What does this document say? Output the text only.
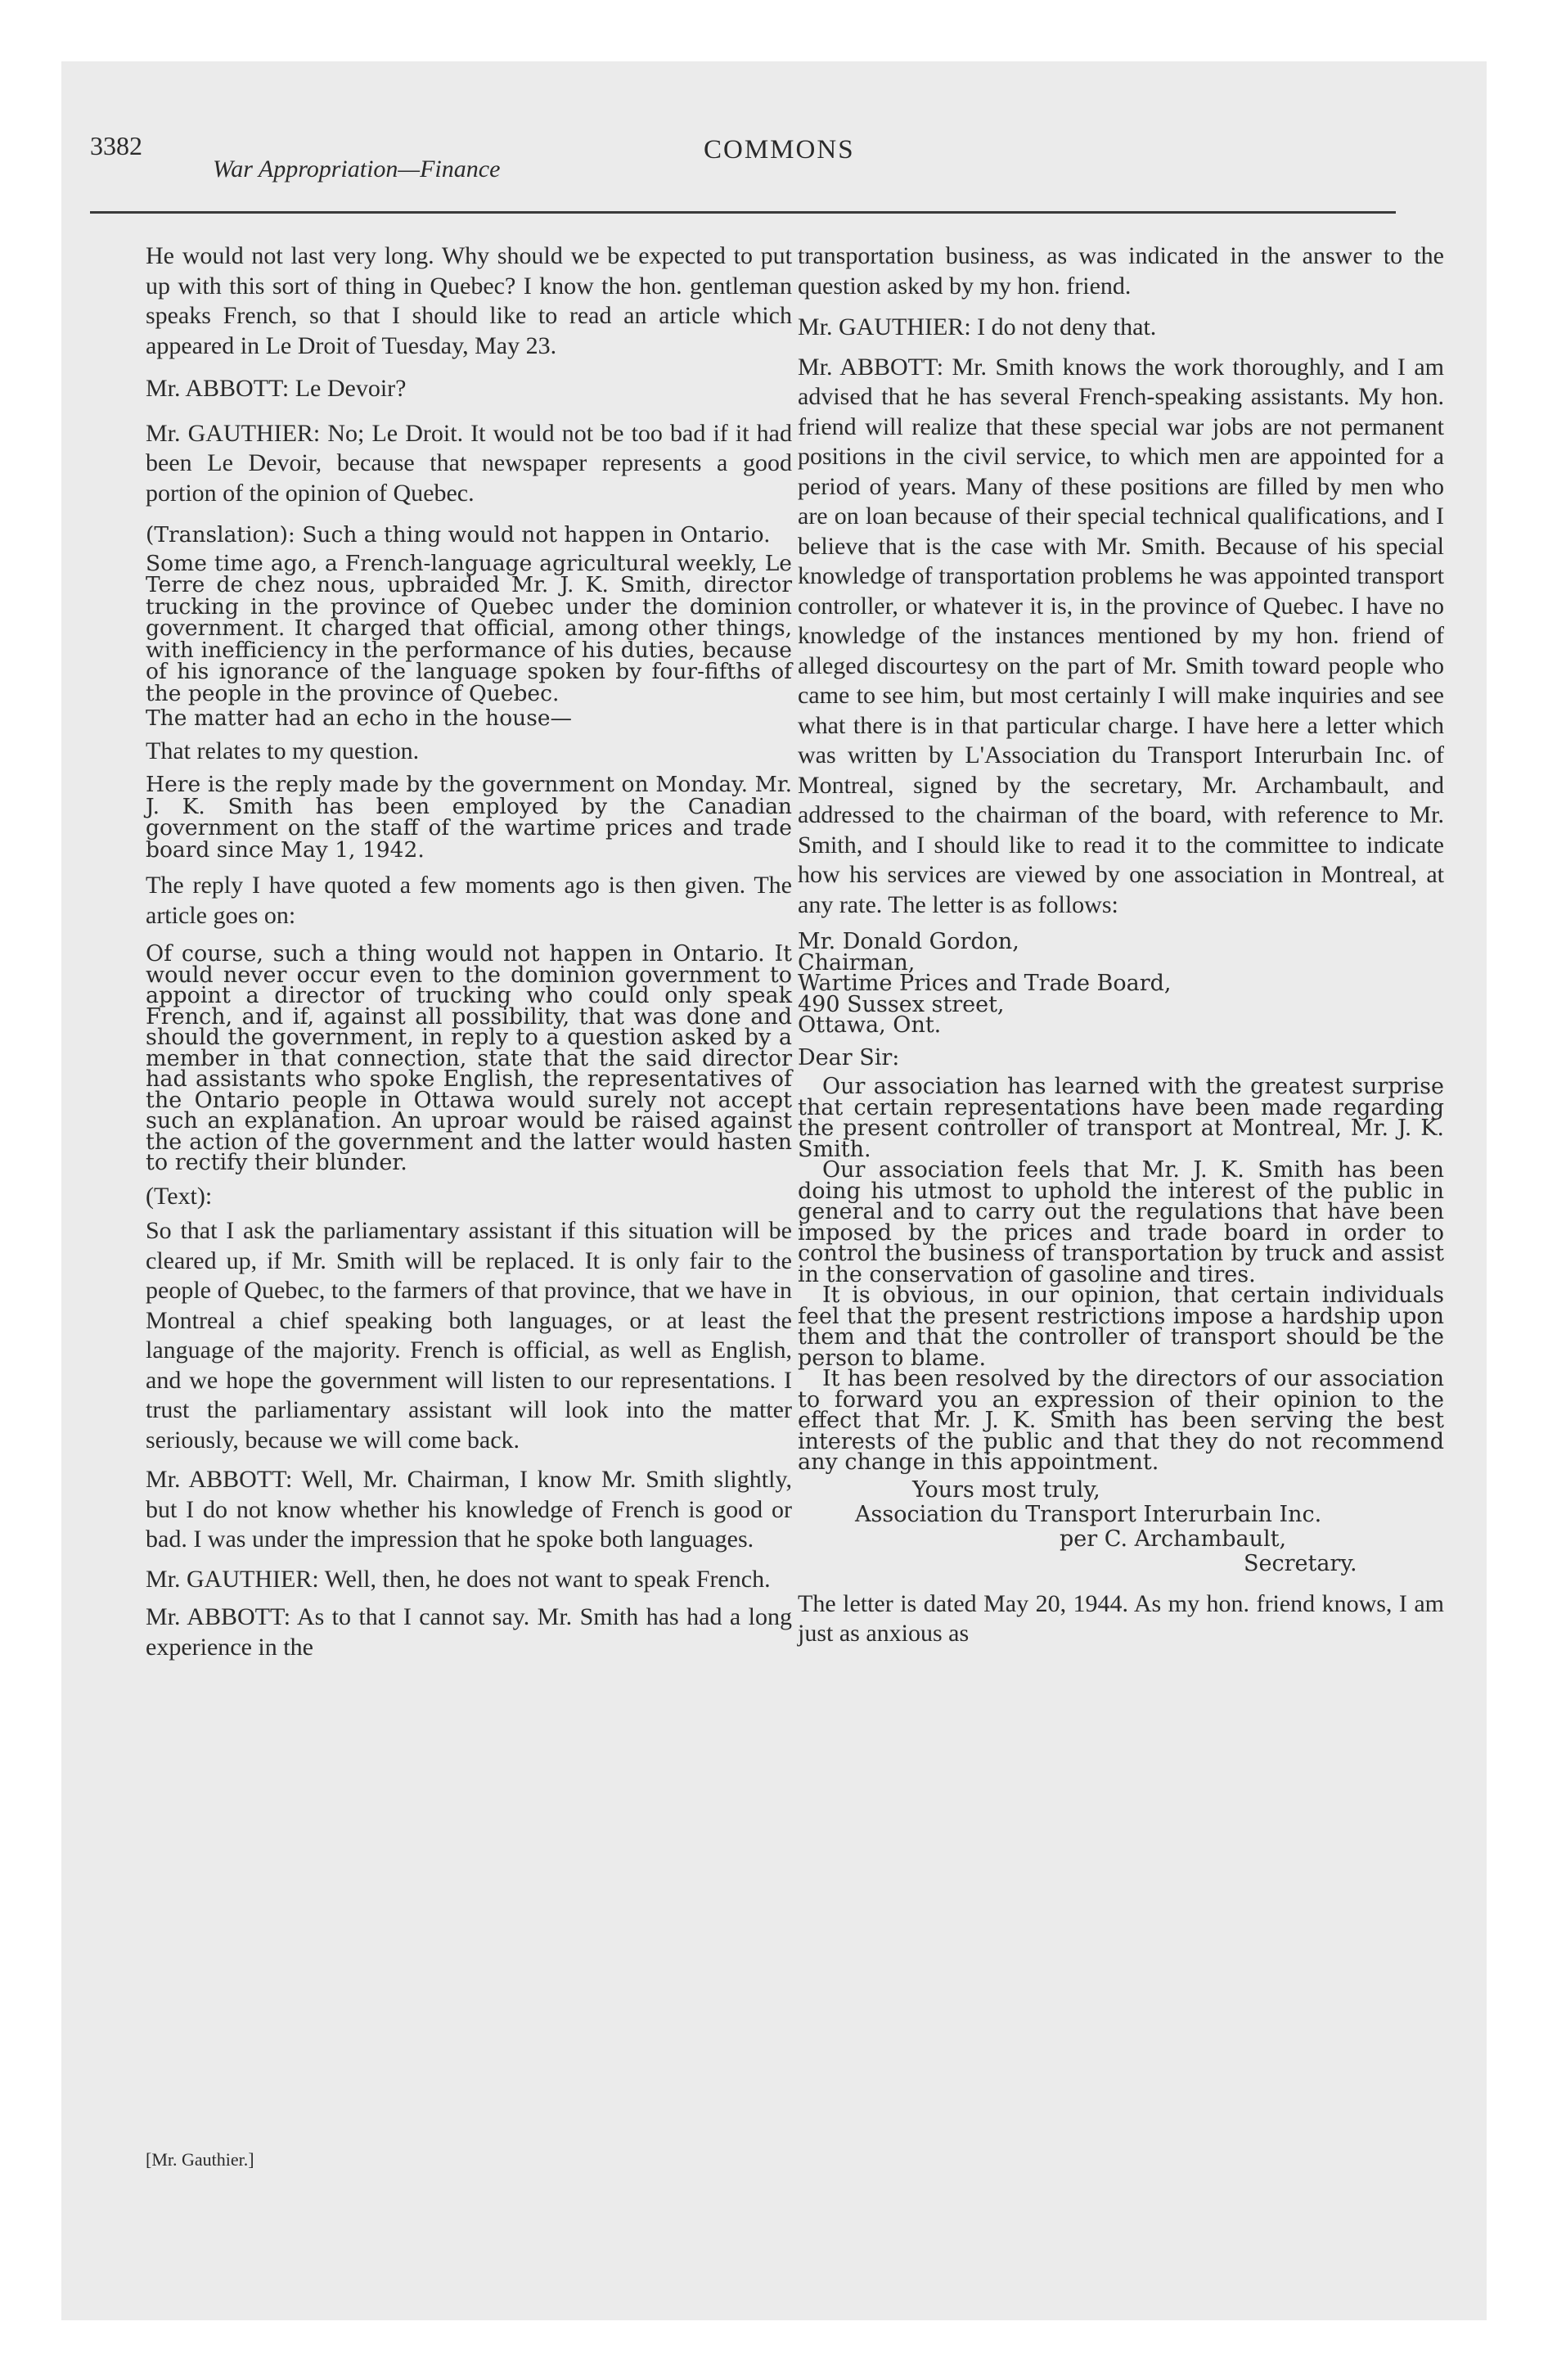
3382
War Appropriation—Finance
COMMONS

He would not last very long. Why should we be expected to put up with this sort of thing in Quebec? I know the hon. gentleman speaks French, so that I should like to read an article which appeared in Le Droit of Tuesday, May 23.

Mr. ABBOTT: Le Devoir?

Mr. GAUTHIER: No; Le Droit. It would not be too bad if it had been Le Devoir, because that newspaper represents a good portion of the opinion of Quebec.

(Translation): Such a thing would not happen in Ontario.

Some time ago, a French-language agricultural weekly, Le Terre de chez nous, upbraided Mr. J. K. Smith, director trucking in the province of Quebec under the dominion government. It charged that official, among other things, with inefficiency in the performance of his duties, because of his ignorance of the language spoken by four-fifths of the people in the province of Quebec.

The matter had an echo in the house—

That relates to my question.

Here is the reply made by the government on Monday. Mr. J. K. Smith has been employed by the Canadian government on the staff of the wartime prices and trade board since May 1, 1942.

The reply I have quoted a few moments ago is then given. The article goes on:

Of course, such a thing would not happen in Ontario. It would never occur even to the dominion government to appoint a director of trucking who could only speak French, and if, against all possibility, that was done and should the government, in reply to a question asked by a member in that connection, state that the said director had assistants who spoke English, the representatives of the Ontario people in Ottawa would surely not accept such an explanation. An uproar would be raised against the action of the government and the latter would hasten to rectify their blunder.

(Text):

So that I ask the parliamentary assistant if this situation will be cleared up, if Mr. Smith will be replaced. It is only fair to the people of Quebec, to the farmers of that province, that we have in Montreal a chief speaking both languages, or at least the language of the majority. French is official, as well as English, and we hope the government will listen to our representations. I trust the parliamentary assistant will look into the matter seriously, because we will come back.

Mr. ABBOTT: Well, Mr. Chairman, I know Mr. Smith slightly, but I do not know whether his knowledge of French is good or bad. I was under the impression that he spoke both languages.

Mr. GAUTHIER: Well, then, he does not want to speak French.

Mr. ABBOTT: As to that I cannot say. Mr. Smith has had a long experience in the

[Mr. Gauthier.]

transportation business, as was indicated in the answer to the question asked by my hon. friend.

Mr. GAUTHIER: I do not deny that.

Mr. ABBOTT: Mr. Smith knows the work thoroughly, and I am advised that he has several French-speaking assistants. My hon. friend will realize that these special war jobs are not permanent positions in the civil service, to which men are appointed for a period of years. Many of these positions are filled by men who are on loan because of their special technical qualifications, and I believe that is the case with Mr. Smith. Because of his special knowledge of transportation problems he was appointed transport controller, or whatever it is, in the province of Quebec. I have no knowledge of the instances mentioned by my hon. friend of alleged discourtesy on the part of Mr. Smith toward people who came to see him, but most certainly I will make inquiries and see what there is in that particular charge. I have here a letter which was written by L'Association du Transport Interurbain Inc. of Montreal, signed by the secretary, Mr. Archambault, and addressed to the chairman of the board, with reference to Mr. Smith, and I should like to read it to the committee to indicate how his services are viewed by one association in Montreal, at any rate. The letter is as follows:

Mr. Donald Gordon,

Chairman,

Wartime Prices and Trade Board,

490 Sussex street,

Ottawa, Ont.

Dear Sir:

Our association has learned with the greatest surprise that certain representations have been made regarding the present controller of transport at Montreal, Mr. J. K. Smith.

Our association feels that Mr. J. K. Smith has been doing his utmost to uphold the interest of the public in general and to carry out the regulations that have been imposed by the prices and trade board in order to control the business of transportation by truck and assist in the conservation of gasoline and tires.

It is obvious, in our opinion, that certain individuals feel that the present restrictions impose a hardship upon them and that the controller of transport should be the person to blame.

It has been resolved by the directors of our association to forward you an expression of their opinion to the effect that Mr. J. K. Smith has been serving the best interests of the public and that they do not recommend any change in this appointment.

Yours most truly,

Association du Transport Interurbain Inc.

per C. Archambault,

Secretary.

The letter is dated May 20, 1944. As my hon. friend knows, I am just as anxious as
